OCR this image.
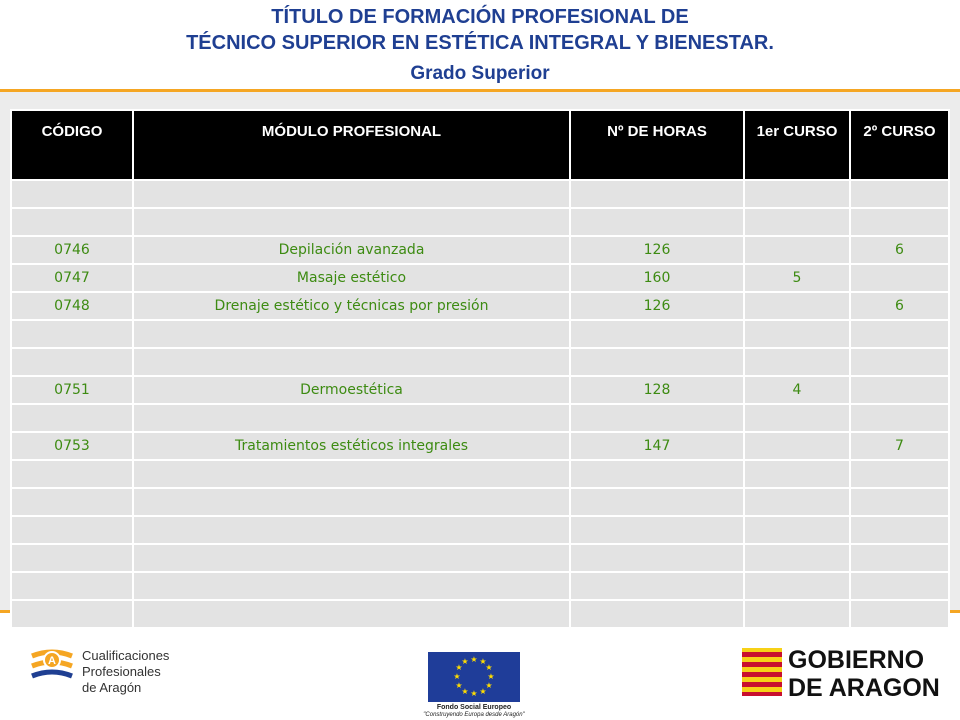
TÍTULO DE FORMACIÓN PROFESIONAL DE
TÉCNICO SUPERIOR EN ESTÉTICA INTEGRAL Y BIENESTAR.
Grado Superior
CÓDIGO	MÓDULO PROFESIONAL	Nº DE HORAS	1er CURSO	2º CURSO

0746	Depilación avanzada	126		6
0747	Masaje estético	160	5	
0748	Drenaje estético y técnicas por presión	126		6

0751	Dermoestética	128	4	

0753	Tratamientos estéticos integrales	147		7

A Cualificaciones
Profesionales
de Aragón
★ ★
★
★
★
★
★
★
★
★
★
★
Fondo Social Europeo
"Construyendo Europa desde Aragón"
GOBIERNO
DE ARAGON
